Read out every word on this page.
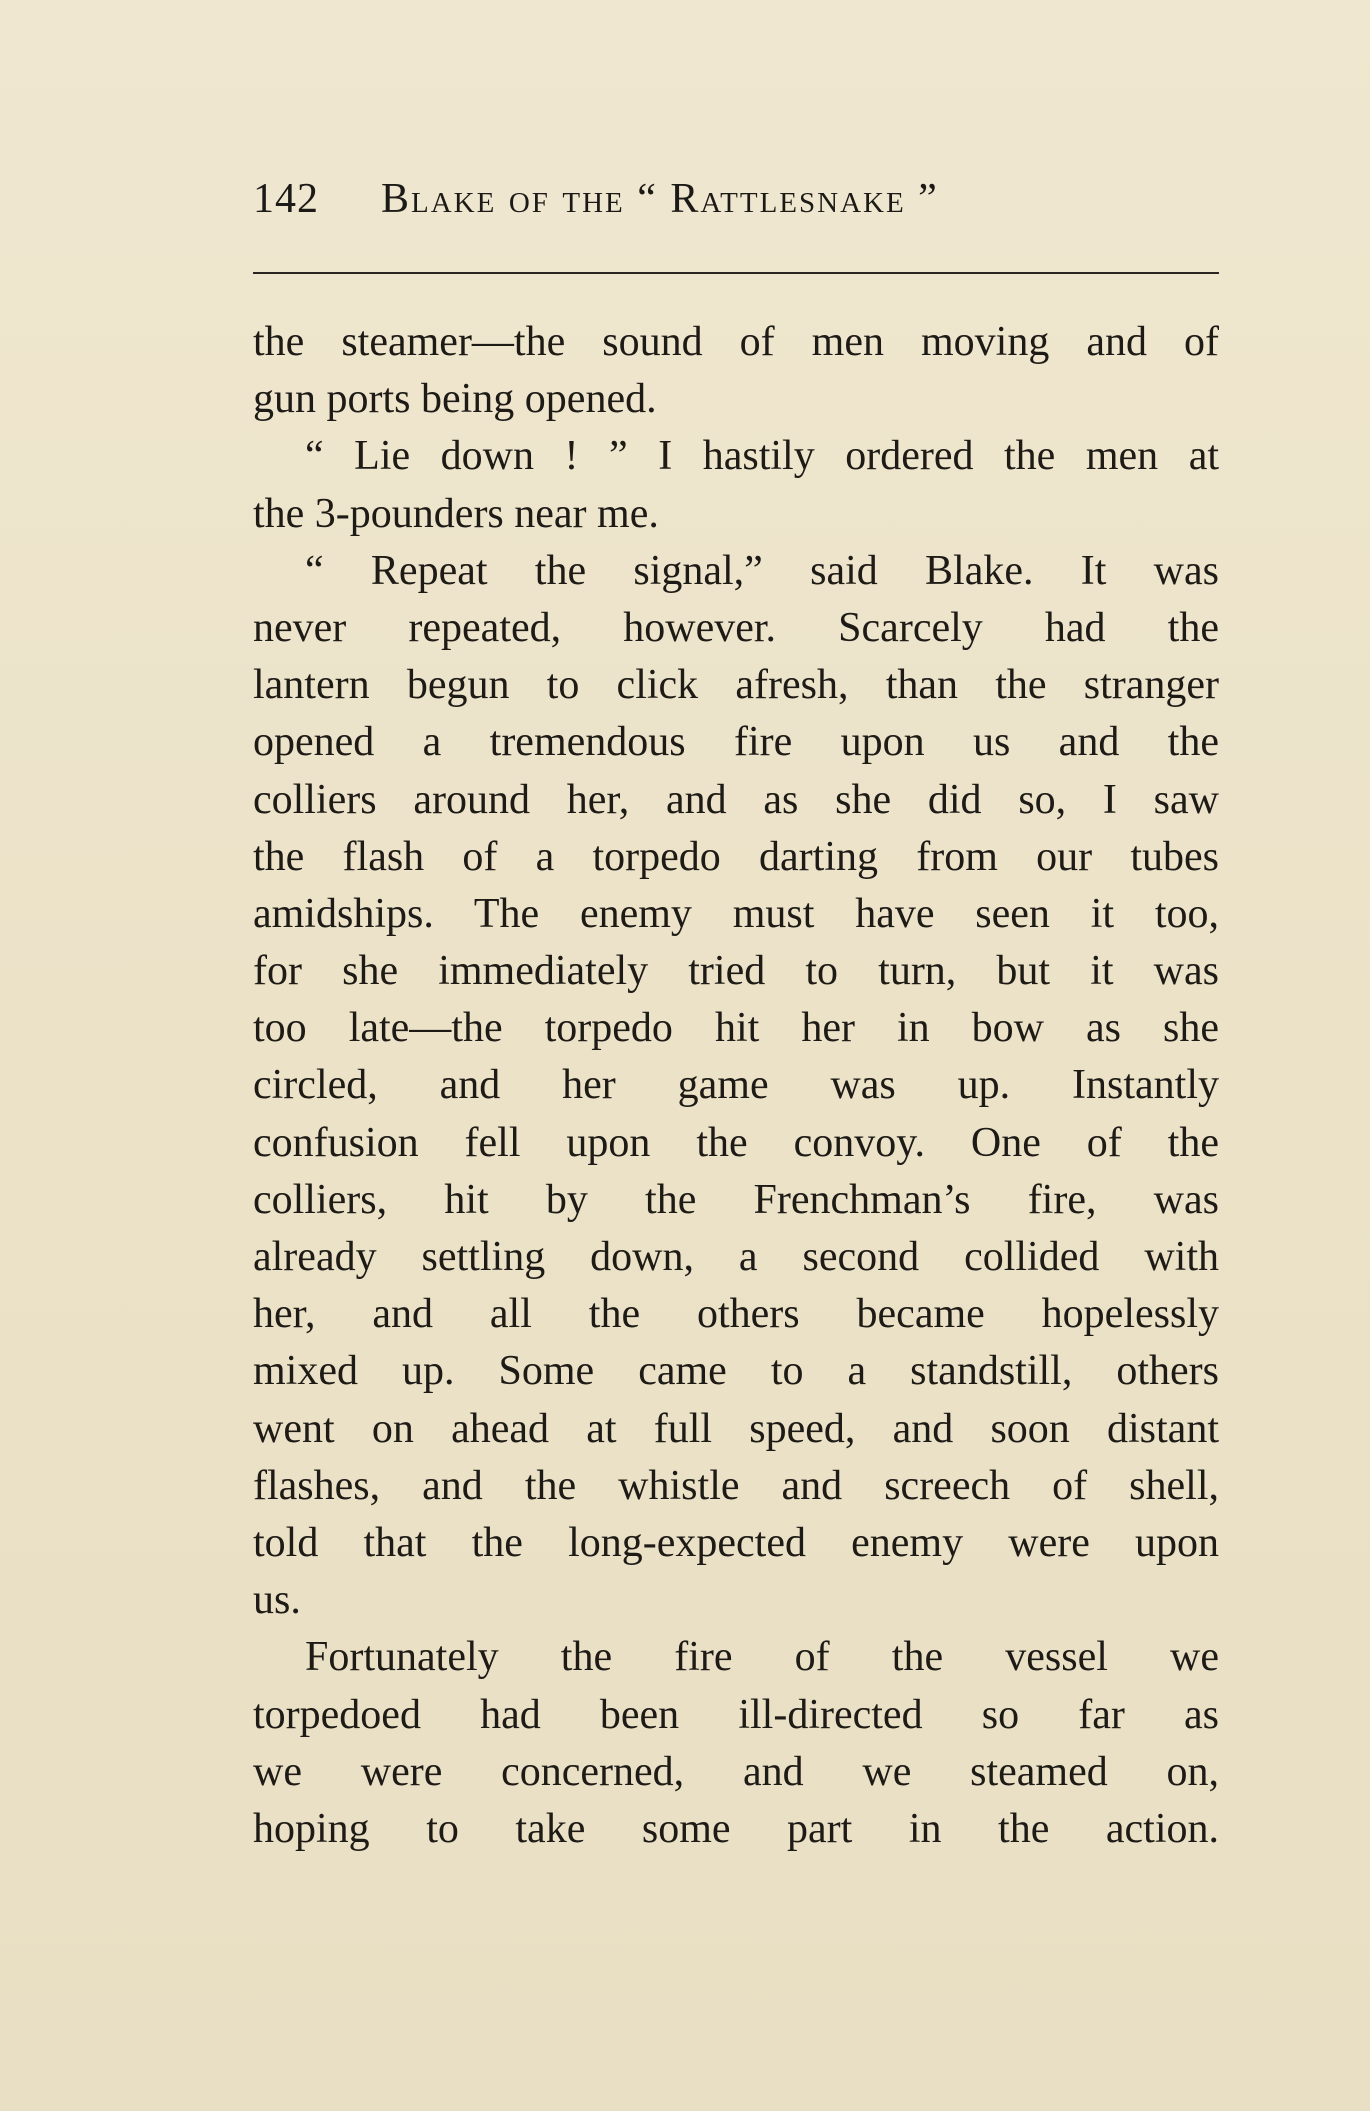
142 Blake of the “ Rattlesnake ”
the steamer—the sound of men moving and of
gun ports being opened.
“ Lie down ! ” I hastily ordered the men at
the 3-pounders near me.
“ Repeat the signal,” said Blake. It was
never repeated, however. Scarcely had the
lantern begun to click afresh, than the stranger
opened a tremendous fire upon us and the
colliers around her, and as she did so, I saw
the flash of a torpedo darting from our tubes
amidships. The enemy must have seen it too,
for she immediately tried to turn, but it was
too late—the torpedo hit her in bow as she
circled, and her game was up. Instantly
confusion fell upon the convoy. One of the
colliers, hit by the Frenchman’s fire, was
already settling down, a second collided with
her, and all the others became hopelessly
mixed up. Some came to a standstill, others
went on ahead at full speed, and soon distant
flashes, and the whistle and screech of shell,
told that the long-expected enemy were upon
us.
Fortunately the fire of the vessel we
torpedoed had been ill-directed so far as
we were concerned, and we steamed on,
hoping to take some part in the action.
